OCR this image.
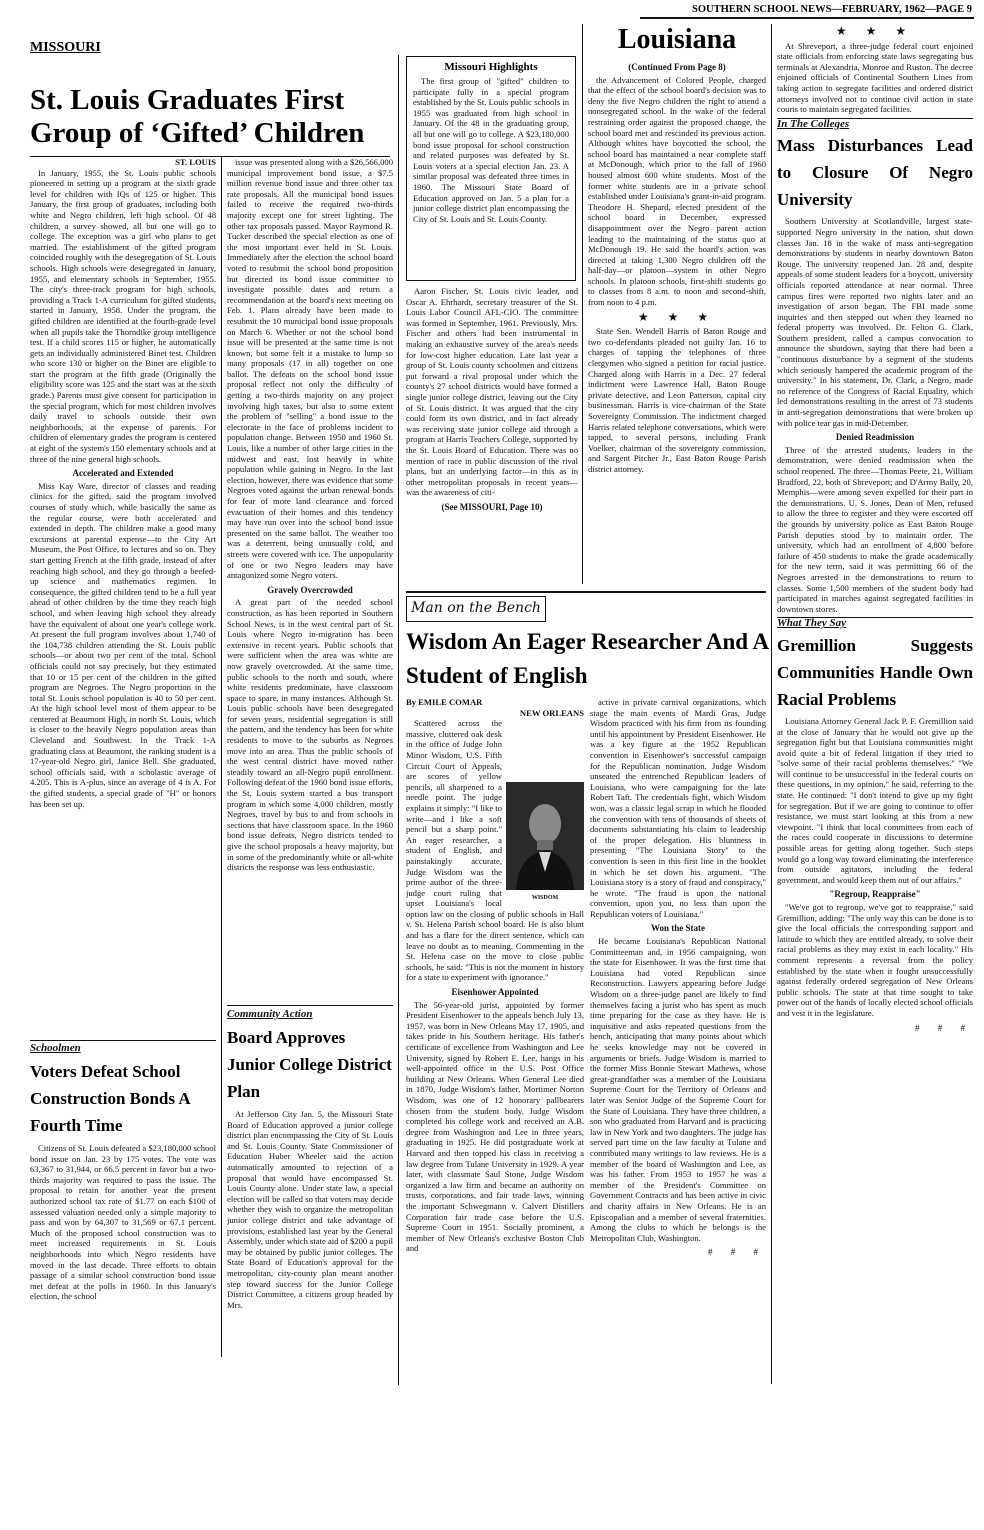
SOUTHERN SCHOOL NEWS—FEBRUARY, 1962—PAGE 9
MISSOURI
St. Louis Graduates First Group of ‘Gifted’ Children
ST. LOUIS

In January, 1955, the St. Louis public schools pioneered in setting up a program at the sixth grade level for children with IQs of 125 or higher. This January, the first group of graduates, including both white and Negro children, left high school. Of 48 children, a survey showed, all but one will go to college. The exception was a girl who plans to get married. The establishment of the gifted program coincided roughly with the desegregation of St. Louis schools. High schools were desegregated in January, 1955, and elementary schools in September, 1955. The city's three-track program for high schools, providing a Track 1-A curriculum for gifted students, started in January, 1958. Under the program, the gifted children are identified at the fourth-grade level when all pupils take the Thorndike group intelligence test. If a child scores 115 or higher, he automatically gets an individually administered Binet test. Children who score 130 or higher on the Binet are eligible to start the program at the fifth grade (Originally the eligibility score was 125 and the start was at the sixth grade.) Parents must give consent for participation in the special program, which for most children involves daily travel to schools outside their own neighborhoods, at the expense of parents. For children of elementary grades the program is centered at eight of the system's 150 elementary schools and at three of the nine general high schools.

Accelerated and Extended

Miss Kay Ware, director of classes and reading clinics for the gifted, said the program involved courses of study which, while basically the same as the regular course, were both accelerated and extended in depth. The children make a good many excursions at parental expense—to the City Art Museum, the Post Office, to lectures and so on. They start getting French at the fifth grade, instead of after reaching high school, and they go through a beefed-up science and mathematics regimen. In consequence, the gifted children tend to be a full year ahead of other children by the time they reach high school, and when leaving high school they already have the equivalent of about one year's college work. At present the full program involves about 1,740 of the 104,738 children attending the St. Louis public schools—or about two per cent of the total. School officials could not say precisely, but they estimated that 10 or 15 per cent of the children in the gifted program are Negroes. The Negro proportion in the total St. Louis school population is 40 to 50 per cent. At the high school level most of them appear to be centered at Beaumont High, in north St. Louis, which is closer to the heavily Negro population areas than Cleveland and Southwest. In the Track 1-A graduating class at Beaumont, the ranking student is a 17-year-old Negro girl, Janice Bell. She graduated, school officials said, with a scholastic average of 4.205. This is A-plus, since an average of 4 is A. For the gifted students, a special grade of "H" or honors has been set up.

Schoolmen
Voters Defeat School Construction Bonds A Fourth Time

Citizens of St. Louis defeated a $23,180,000 school bond issue on Jan. 23 by 175 votes. The vote was 63,367 to 31,944, or 66.5 percent in favor but a two-thirds majority was required to pass the issue. The proposal to retain for another year the present authorized school tax rate of $1.77 on each $100 of assessed valuation needed only a simple majority to pass and won by 64,307 to 31,569 or 67.1 percent. Much of the proposed school construction was to meet increased requirements in St. Louis neighborhoods into which Negro residents have moved in the last decade. Three efforts to obtain passage of a similar school construction bond issue met defeat at the polls in 1960. In this January's election, the school

issue was presented along with a $26,566,000 municipal improvement bond issue, a $7.5 million revenue bond issue and three other tax rate proposals. All the municipal bond issues failed to receive the required two-thirds majority except one for street lighting. The other tax proposals passed. Mayor Raymond R. Tucker described the special election as one of the most important ever held in St. Louis. Immediately after the election the school board voted to resubmit the school bond proposition but directed its bond issue committee to investigate possible dates and return a recommendation at the board's next meeting on Feb. 1. Plans already have been made to resubmit the 10 municipal bond issue proposals on March 6. Whether or not the school bond issue will be presented at the same time is not known, but some felt it a mistake to lump so many proposals (17 in all) together on one ballot. The defeats on the school bond issue proposal reflect not only the difficulty of getting a two-thirds majority on any project involving high taxes, but also to some extent the problem of "selling" a bond issue to the electorate in the face of problems incident to population change. Between 1950 and 1960 St. Louis, like a number of other large cities in the midwest and east, lost heavily in white population while gaining in Negro. In the last election, however, there was evidence that some Negroes voted against the urban renewal bonds for fear of more land clearance and forced evacuation of their homes and this tendency may have run over into the school bond issue presented on the same ballot. The weather too was a deterrent, being unusually cold, and streets were covered with ice. The unpopularity of one or two Negro leaders may have antagonized some Negro voters.

Gravely Overcrowded

A great part of the needed school construction, as has been reported in Southern School News, is in the west central part of St. Louis where Negro in-migration has been extensive in recent years. Public schools that were sufficient when the area was white are now gravely overcrowded. At the same time, public schools to the north and south, where white residents predominate, have classroom space to spare, in many instances. Although St. Louis public schools have been desegregated for seven years, residential segregation is still the pattern, and the tendency has been for white residents to move to the suburbs as Negroes move into an area. Thus the public schools of the west central district have moved rather steadily toward an all-Negro pupil enrollment. Following defeat of the 1960 bond issue efforts, the St. Louis system started a bus transport program in which some 4,000 children, mostly Negroes, travel by bus to and from schools in sections that have classroom space. In the 1960 bond issue defeats, Negro districts tended to give the school proposals a heavy majority, but in some of the predominantly white or all-white districts the response was less enthusiastic.

Community Action
Board Approves Junior College District Plan

At Jefferson City Jan. 5, the Missouri State Board of Education approved a junior college district plan encompassing the City of St. Louis and St. Louis County. State Commissioner of Education Huber Wheeler said the action automatically amounted to rejection of a proposal that would have encompassed St. Louis County alone. Under state law, a special election will be called so that voters may decide whether they wish to organize the metropolitan junior college district and take advantage of provisions, established last year by the General Assembly, under which state aid of $200 a pupil may be obtained by public junior colleges. The State Board of Education's approval for the metropolitan, city-county plan meant another step toward success for the Junior College District Committee, a citizens group headed by Mrs.

Missouri Highlights

The first group of "gifted" children to participate fully in a special program established by the St. Louis public schools in 1955 was graduated from high school in January. Of the 48 in the graduating group, all but one will go to college. A $23,180,000 bond issue proposal for school construction and related purposes was defeated by St. Louis voters at a special election Jan. 23. A similar proposal was defeated three times in 1960. The Missouri State Board of Education approved on Jan. 5 a plan for a junior college district plan encompassing the City of St. Louis and St. Louis County.

Aaron Fischer, St. Louis civic leader, and Oscar A. Ehrhardt, secretary treasurer of the St. Louis Labor Council AFL-CIO. The committee was formed in September, 1961. Previously, Mrs. Fischer and others had been instrumental in making an exhaustive survey of the area's needs for low-cost higher education. Late last year a group of St. Louis county schoolmen and citizens put forward a rival proposal under which the county's 27 school districts would have formed a single junior college district, leaving out the City of St. Louis district. It was argued that the city could form its own district, and in fact already was receiving state junior college aid through a program at Harris Teachers College, supported by the St. Louis Board of Education. There was no mention of race in public discussion of the rival plans, but an underlying factor—in this as in other metropolitan proposals in recent years—was the awareness of citi-

(See MISSOURI, Page 10)
Louisiana
(Continued From Page 8)

the Advancement of Colored People, charged that the effect of the school board's decision was to deny the five Negro children the right to attend a nonsegregated school. In the wake of the federal restraining order against the proposed change, the school board met and rescinded its previous action. Although whites have boycotted the school, the school board has maintained a near complete staff at McDonough, which prior to the fall of 1960 housed almost 600 white students. Most of the former white students are in a private school established under Louisiana's grant-in-aid program. Theodore H. Shepard, elected president of the school board in December, expressed disappointment over the Negro parent action leading to the maintaining of the status quo at McDonough 19. He said the board's action was directed at taking 1,300 Negro children off the half-day—or platoon—system in other Negro schools. In platoon schools, first-shift students go to classes from 8 a.m. to noon and second-shift, from noon to 4 p.m.

★ ★ ★

State Sen. Wendell Harris of Baton Rouge and two co-defendants pleaded not guilty Jan. 16 to charges of tapping the telephones of three clergymen who signed a petition for racial justice. Charged along with Harris in a Dec. 27 federal indictment were Lawrence Hall, Baton Rouge private detective, and Leon Patterson, capital city businessman. Harris is vice-chairman of the State Sovereignty Commission. The indictment charged Harris related telephone conversations, which were tapped, to several persons, including Frank Voelker, chairman of the sovereignty commission, and Sargent Pitcher Jr., East Baton Rouge Parish district attorney.

Man on the Bench
Wisdom An Eager Researcher And A Student of English
By EMILE COMAR
NEW ORLEANS
WISDOM

Scattered across the massive, cluttered oak desk in the office of Judge John Minor Wisdom, U.S. Fifth Circuit Court of Appeals, are scores of yellow pencils, all sharpened to a needle point. The judge explains it simply: "I like to write—and I like a soft pencil but a sharp point." An eager researcher, a student of English, and painstakingly accurate, Judge Wisdom was the prime author of the three-judge court ruling that upset Louisiana's local option law on the closing of public schools in Hall v. St. Helena Parish school board. He is also blunt and has a flare for the direct sentence, which can leave no doubt as to meaning. Commenting in the St. Helena case on the move to close public schools, he said: "This is not the moment in history for a state to experiment with ignorance."

Eisenhower Appointed

The 56-year-old jurist, appointed by former President Eisenhower to the appeals bench July 13, 1957, was born in New Orleans May 17, 1905, and takes pride in his Southern heritage. His father's certificate of excellence from Washington and Lee University, signed by Robert E. Lee, hangs in his well-appointed office in the U.S. Post Office building at New Orleans. When General Lee died in 1870, Judge Wisdom's father, Mortimer Norton Wisdom, was one of 12 honorary pallbearers chosen from the student body. Judge Wisdom completed his college work and received an A.B. degree from Washington and Lee in three years, graduating in 1925. He did postgraduate work at Harvard and then topped his class in receiving a law degree from Tulane University in 1929. A year later, with classmate Saul Stone, Judge Wisdom organized a law firm and became an authority on trusts, corporations, and fair trade laws, winning the important Schwegmann v. Calvert Distillers Corporation fair trade case before the U.S. Supreme Court in 1951. Socially prominent, a member of New Orleans's exclusive Boston Club and

active in private carnival organizations, which stage the main events of Mardi Gras, Judge Wisdom practiced with his firm from its founding until his appointment by President Eisenhower. He was a key figure at the 1952 Republican convention in Eisenhower's successful campaign for the Republican nomination. Judge Wisdom unseated the entrenched Republican leaders of Louisiana, who were campaigning for the late Robert Taft. The credentials fight, which Wisdom won, was a classic legal scrap in which he flooded the convention with tens of thousands of sheets of documents substantiating his claim to leadership of the proper delegation. His bluntness in presenting "The Louisiana Story" to the convention is seen in this first line in the booklet in which he set down his argument. "The Louisiana story is a story of fraud and conspiracy," he wrote. "The fraud is upon the national convention, upon you, no less than upon the Republican voters of Louisiana."

Won the State

He became Louisiana's Republican National Committeeman and, in 1956 campaigning, won the state for Eisenhower. It was the first time that Louisiana had voted Republican since Reconstruction. Lawyers appearing before Judge Wisdom on a three-judge panel are likely to find themselves facing a jurist who has spent as much time preparing for the case as they have. He is inquisitive and asks repeated questions from the bench, anticipating that many points about which he seeks knowledge may not be covered in arguments or briefs. Judge Wisdom is married to the former Miss Bonnie Stewart Mathews, whose great-grandfather was a member of the Louisiana Supreme Court for the Territory of Orleans and later was Senior Judge of the Supreme Court for the State of Louisiana. They have three children, a son who graduated from Harvard and is practicing law in New York and two daughters. The judge has served part time on the law faculty at Tulane and contributed many writings to law reviews. He is a member of the board of Washington and Lee, as was his father. From 1953 to 1957 he was a member of the President's Committee on Government Contracts and has been active in civic and charity affairs in New Orleans. He is an Episcopalian and a member of several fraternities. Among the clubs to which he belongs is the Metropolitan Club, Washington.

# # #
★ ★ ★

At Shreveport, a three-judge federal court enjoined state officials from enforcing state laws segregating bus terminals at Alexandria, Monroe and Ruston. The decree enjoined officials of Continental Southern Lines from taking action to segregate facilities and ordered district attorneys involved not to continue civil action in state courts to maintain segregated facilities.

In The Colleges
Mass Disturbances Lead to Closure Of Negro University

Southern University at Scotlandville, largest state-supported Negro university in the nation, shut down classes Jan. 18 in the wake of mass anti-segregation demonstrations by students in nearby downtown Baton Rouge. The university reopened Jan. 28 and, despite appeals of some student leaders for a boycott, university officials reported attendance at near normal. Three campus fires were reported two nights later and an investigation of arson began. The FBI made some inquiries and then stepped out when they learned no federal property was involved. Dr. Felton G. Clark, Southern president, called a campus convocation to announce the shutdown, saying that there had been a "continuous disturbance by a segment of the students which seriously hampered the academic program of the university." In his statement, Dr. Clark, a Negro, made no reference of the Congress of Racial Equality, which led demonstrations resulting in the arrest of 73 students in anti-segregation demonstrations that were broken up with police tear gas in mid-December.

Denied Readmission

Three of the arrested students, leaders in the demonstration, were denied readmission when the school reopened. The three—Thomas Peete, 21, William Bradford, 22, both of Shreveport; and D'Army Baily, 20, Memphis—were among seven expelled for their part in the demonstrations. U. S. Jones, Dean of Men, refused to allow the three to register and they were escorted off the grounds by university police as East Baton Rouge Parish deputies stood by to maintain order. The university, which had an enrollment of 4,800 before failure of 450 students to make the grade academically for the new term, said it was permitting 66 of the Negroes arrested in the demonstrations to return to classes. Some 1,500 members of the student body had participated in marches against segregated facilities in downtown stores.

What They Say
Gremillion Suggests Communities Handle Own Racial Problems

Louisiana Attorney General Jack P. F. Gremillion said at the close of January that he would not give up the segregation fight but that Louisiana communities might avoid quite a bit of federal litigation if they tried to "solve some of their racial problems themselves." "We will continue to be unsuccessful in the federal courts on these questions, in my opinion," he said, referring to the state. He continued: "I don't intend to give up my fight for segregation. But if we are going to continue to offer resistance, we must start looking at this from a new viewpoint. "I think that local committees from each of the races could cooperate in discussions to determine possible areas for getting along together. Such steps would go a long way toward eliminating the interference from outside agitators, including the federal government, and would keep them out of our affairs."

"Regroup, Reappraise"

"We've got to regroup, we've got to reappraise," said Gremillion, adding: "The only way this can be done is to give the local officials the corresponding support and latitude to which they are entitled already, to solve their racial problems as they may exist in each locality." His comment represents a reversal from the policy established by the state when it fought unsuccessfully against federally ordered segregation of New Orleans public schools. The state at that time sought to take power out of the hands of locally elected school officials and vest it in the legislature.

# # #
